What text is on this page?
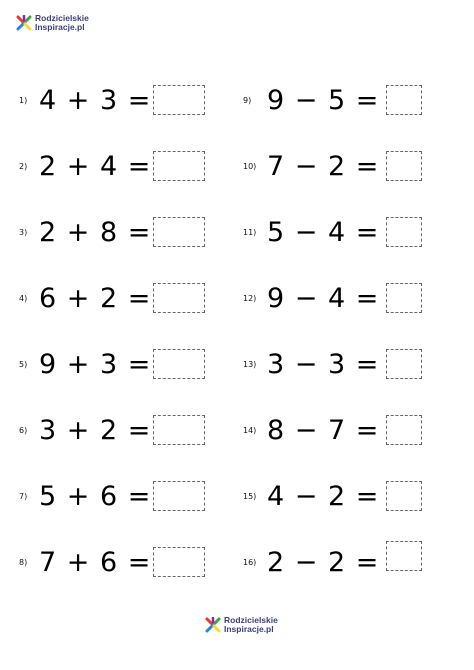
Rodzicielskie
Inspiracje.pl
1) 4 + 3 =
2) 2 + 4 =
3) 2 + 8 =
4) 6 + 2 =
5) 9 + 3 =
6) 3 + 2 =
7) 5 + 6 =
8) 7 + 6 =
9) 9 − 5 =
10) 7 − 2 =
11) 5 − 4 =
12) 9 − 4 =
13) 3 − 3 =
14) 8 − 7 =
15) 4 − 2 =
16) 2 − 2 =
Rodzicielskie
Inspiracje.pl
